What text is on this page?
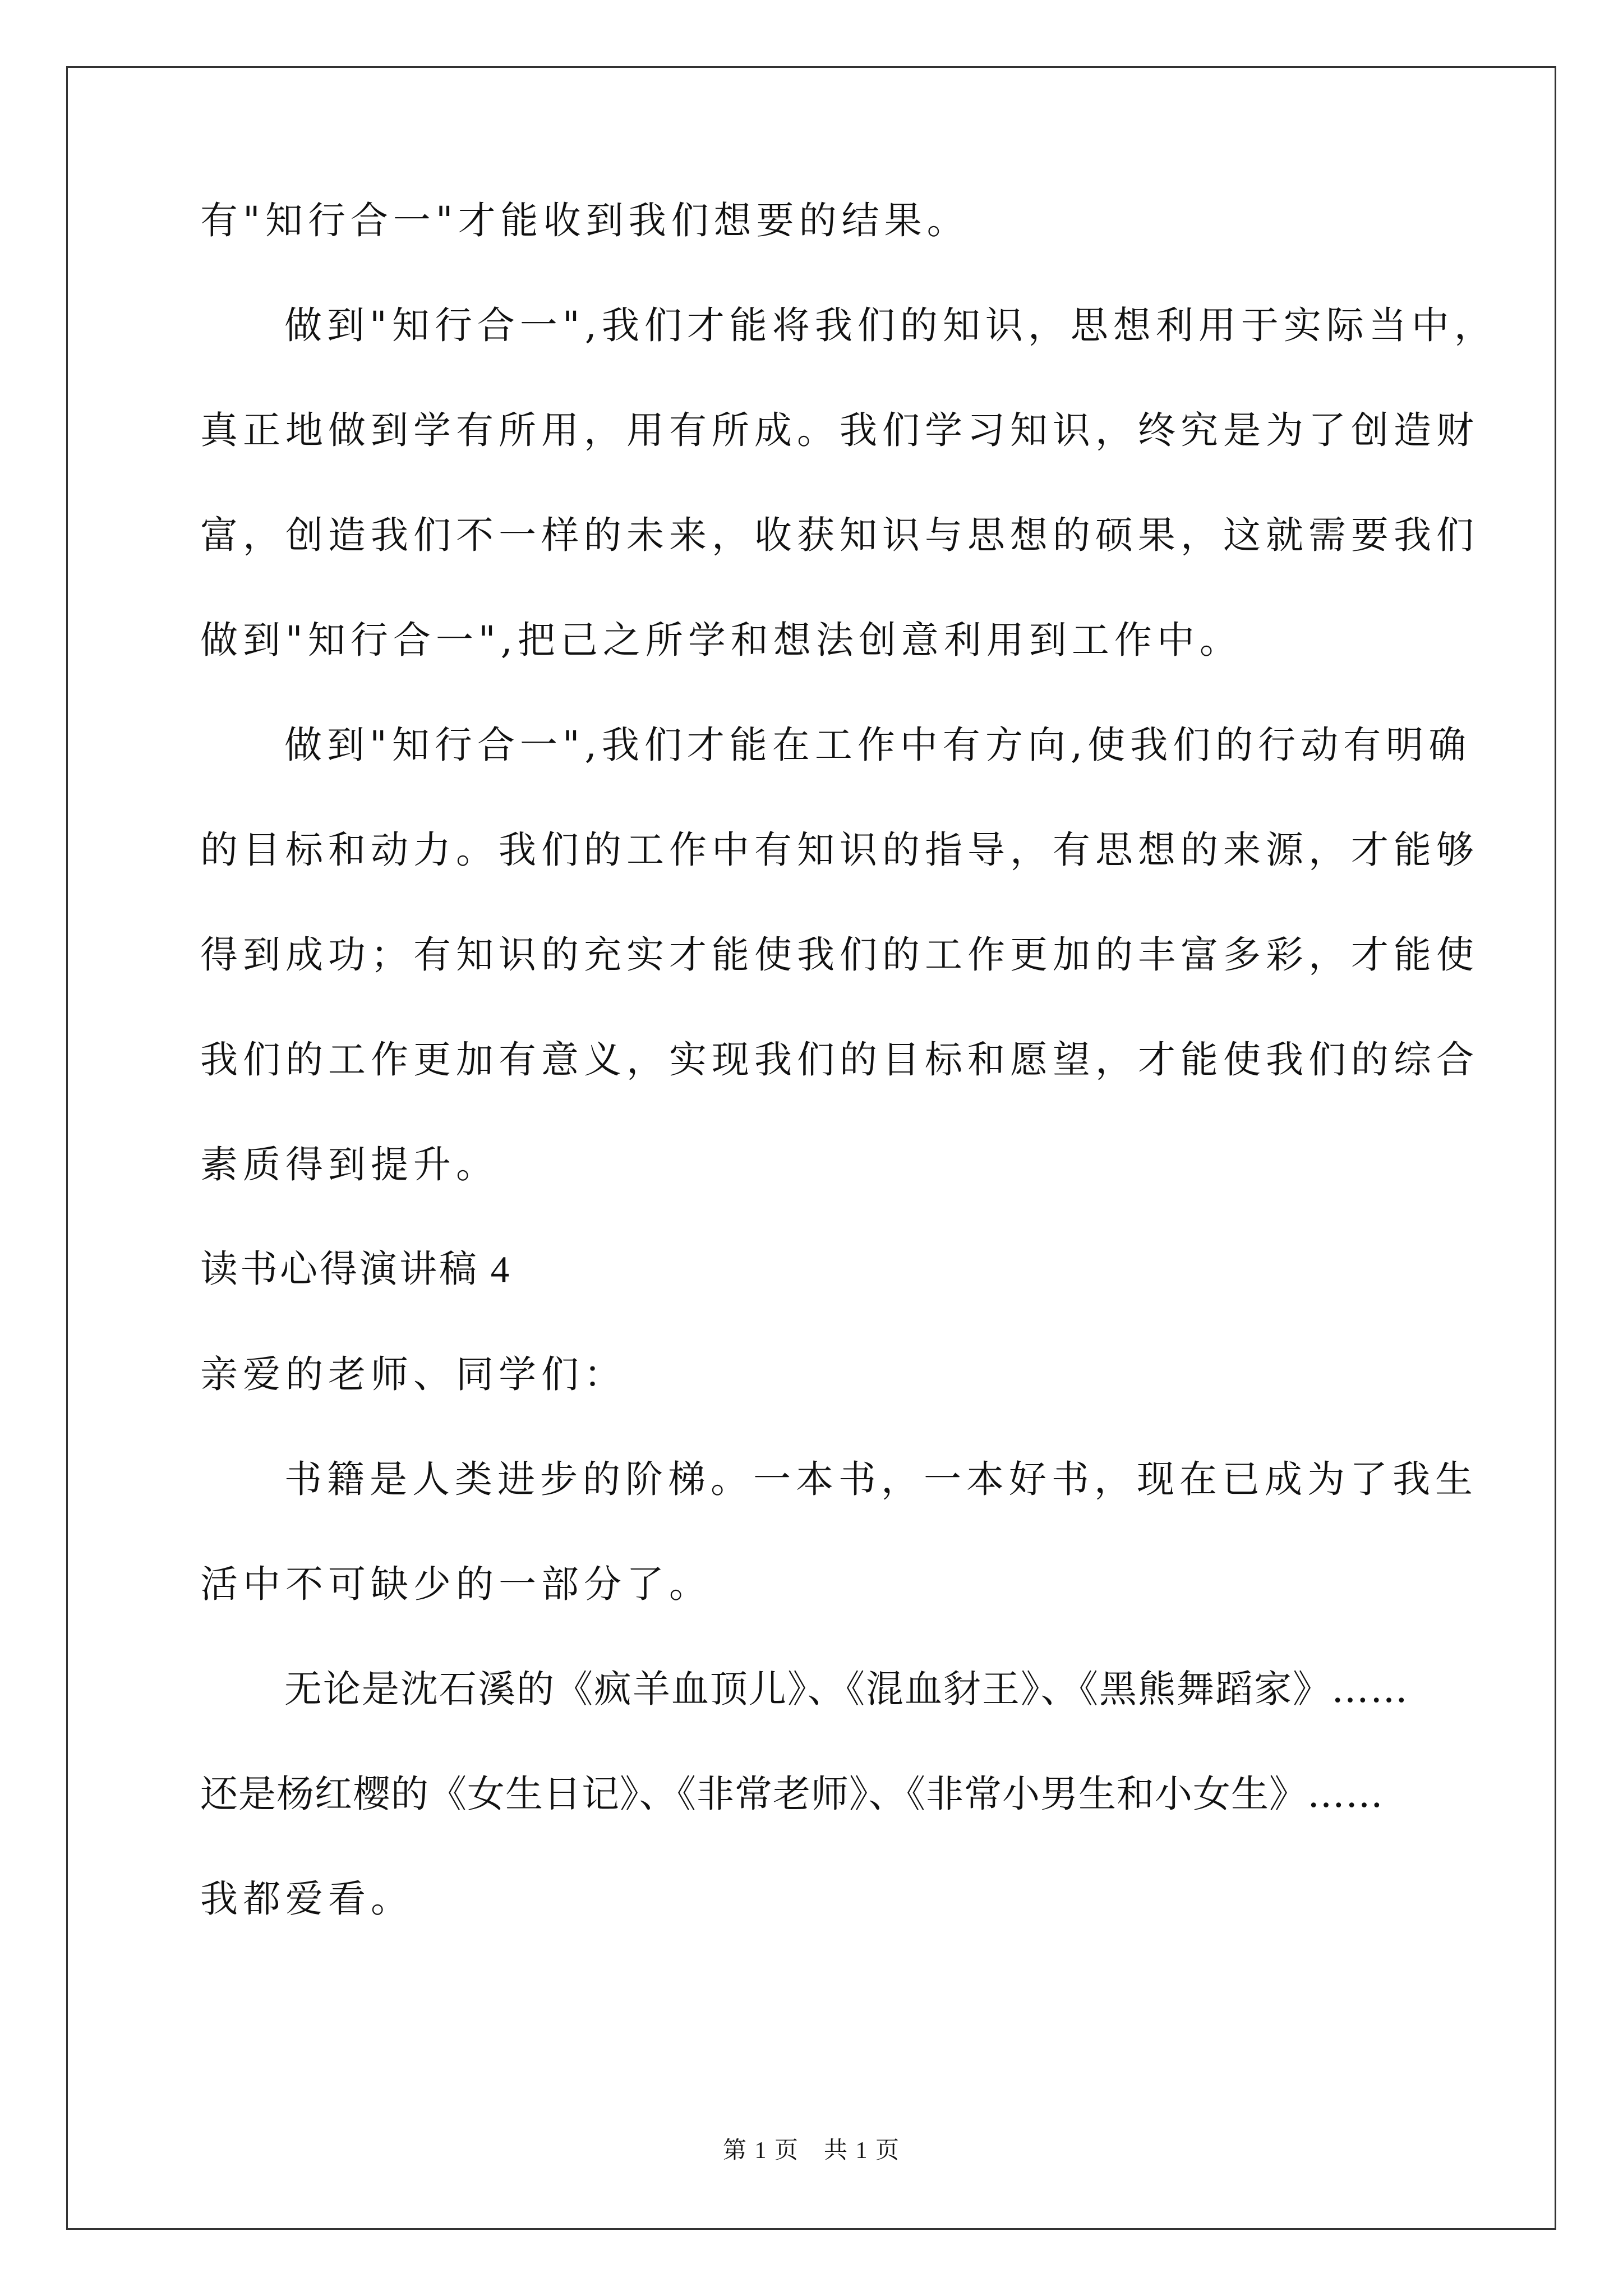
有"知行合一"才能收到我们想要的结果。
做到"知行合一",我们才能将我们的知识，思想利用于实际当中，
真正地做到学有所用，用有所成。我们学习知识，终究是为了创造财
富，创造我们不一样的未来，收获知识与思想的硕果，这就需要我们
做到"知行合一",把己之所学和想法创意利用到工作中。
做到"知行合一",我们才能在工作中有方向,使我们的行动有明确
的目标和动力。我们的工作中有知识的指导，有思想的来源，才能够
得到成功；有知识的充实才能使我们的工作更加的丰富多彩，才能使
我们的工作更加有意义，实现我们的目标和愿望，才能使我们的综合
素质得到提升。
读书心得演讲稿 4
亲爱的老师、同学们：
书籍是人类进步的阶梯。一本书，一本好书，现在已成为了我生
活中不可缺少的一部分了。
无论是沈石溪的《疯羊血顶儿》、《混血豺王》、《黑熊舞蹈家》……
还是杨红樱的《女生日记》、《非常老师》、《非常小男生和小女生》……
我都爱看。
第 1 页　共 1 页
